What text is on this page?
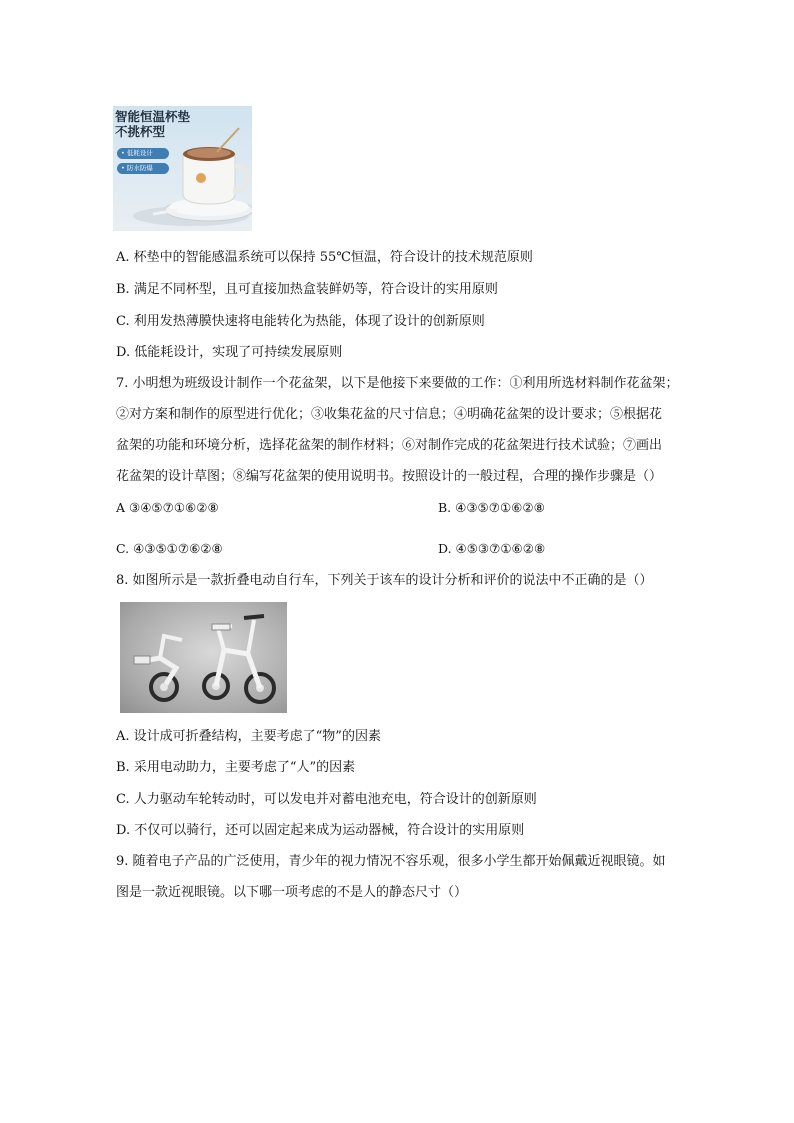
智能恒温杯垫
不挑杯型
• 低耗设计
• 防水防爆
A. 杯垫中的智能感温系统可以保持 55℃恒温，符合设计的技术规范原则
B. 满足不同杯型，且可直接加热盒装鲜奶等，符合设计的实用原则
C. 利用发热薄膜快速将电能转化为热能，体现了设计的创新原则
D. 低能耗设计，实现了可持续发展原则
7. 小明想为班级设计制作一个花盆架，以下是他接下来要做的工作：①利用所选材料制作花盆架；
②对方案和制作的原型进行优化；③收集花盆的尺寸信息；④明确花盆架的设计要求；⑤根据花
盆架的功能和环境分析，选择花盆架的制作材料；⑥对制作完成的花盆架进行技术试验；⑦画出
花盆架的设计草图；⑧编写花盆架的使用说明书。按照设计的一般过程，合理的操作步骤是（）
A ③④⑤⑦①⑥②⑧	B. ④③⑤⑦①⑥②⑧
C. ④③⑤①⑦⑥②⑧	D. ④⑤③⑦①⑥②⑧
8. 如图所示是一款折叠电动自行车，下列关于该车的设计分析和评价的说法中不正确的是（）
A. 设计成可折叠结构，主要考虑了“物”的因素
B. 采用电动助力，主要考虑了“人”的因素
C. 人力驱动车轮转动时，可以发电并对蓄电池充电，符合设计的创新原则
D. 不仅可以骑行，还可以固定起来成为运动器械，符合设计的实用原则
9. 随着电子产品的广泛使用，青少年的视力情况不容乐观，很多小学生都开始佩戴近视眼镜。如
图是一款近视眼镜。以下哪一项考虑的不是人的静态尺寸（）
